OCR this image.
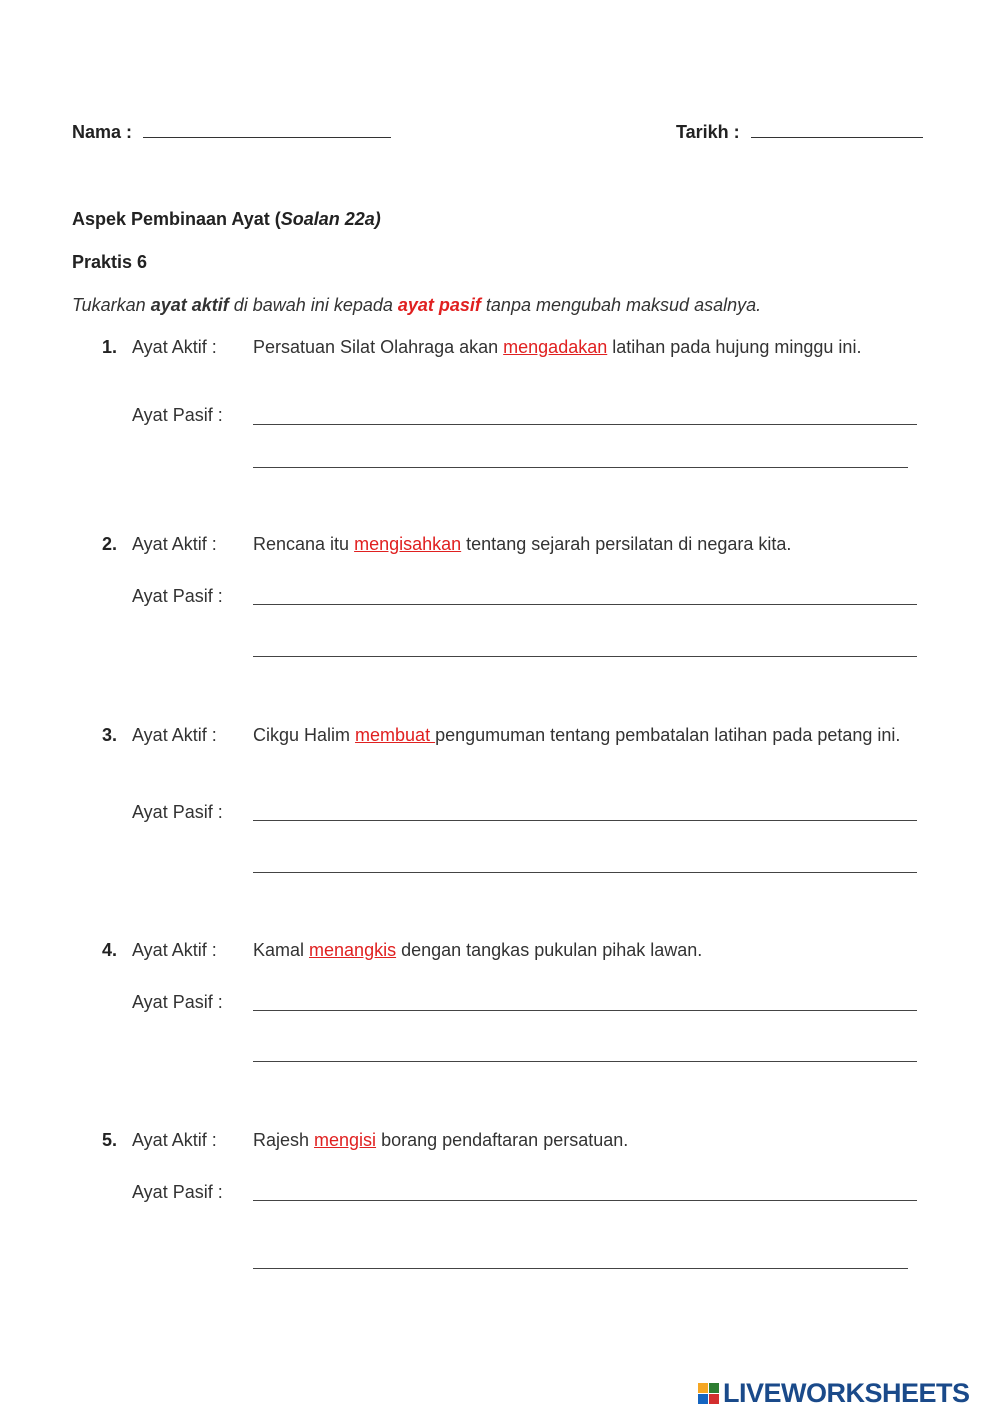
Nama :	Tarikh :
Aspek Pembinaan Ayat (Soalan 22a)
Praktis 6
Tukarkan ayat aktif di bawah ini kepada ayat pasif tanpa mengubah maksud asalnya.
1. Ayat Aktif : Persatuan Silat Olahraga akan mengadakan latihan pada hujung minggu ini.
Ayat Pasif :
2. Ayat Aktif : Rencana itu mengisahkan tentang sejarah persilatan di negara kita.
Ayat Pasif :
3. Ayat Aktif : Cikgu Halim membuat pengumuman tentang pembatalan latihan pada petang ini.
Ayat Pasif :
4. Ayat Aktif : Kamal menangkis dengan tangkas pukulan pihak lawan.
Ayat Pasif :
5. Ayat Aktif : Rajesh mengisi borang pendaftaran persatuan.
Ayat Pasif :
LIVEWORKSHEETS
